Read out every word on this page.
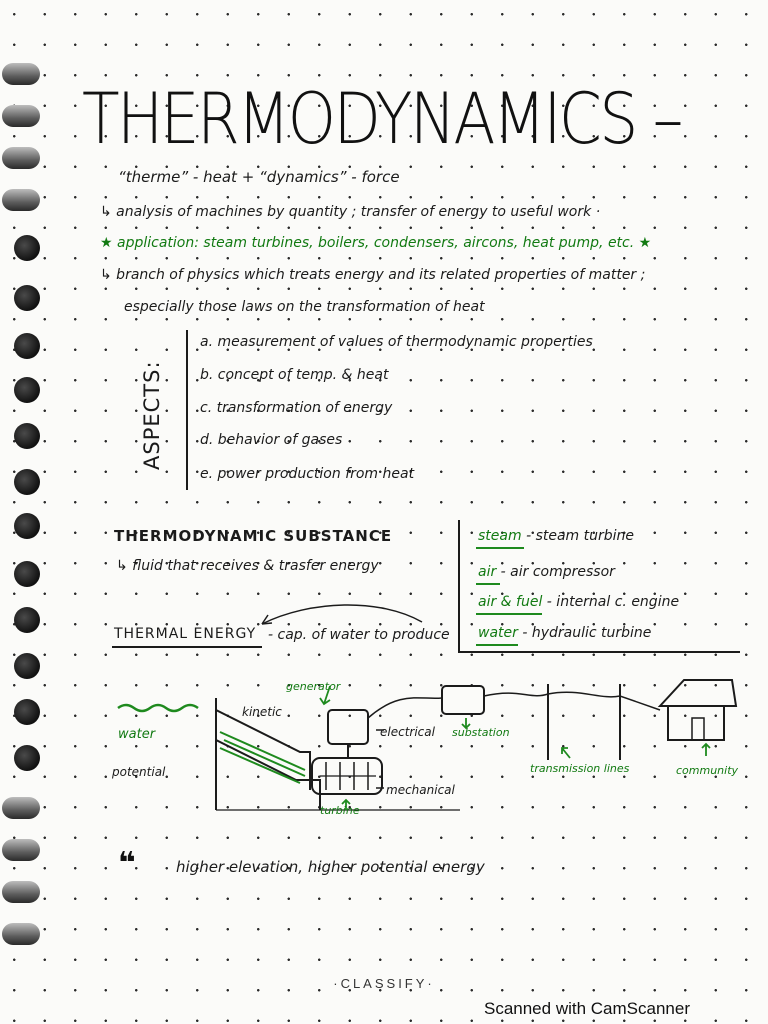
THERMODYNAMICS –
“therme” - heat + “dynamics” - force
↳ analysis of machines by quantity ; transfer of energy to useful work ·
★ application: steam turbines, boilers, condensers, aircons, heat pump, etc. ★
↳ branch of physics which treats energy and its related properties of matter ;
especially those laws on the transformation of heat
ASPECTS:
a. measurement of values of thermodynamic properties
b. concept of temp. & heat
c. transformation of energy
d. behavior of gases
e. power production from heat
THERMODYNAMIC SUBSTANCE
↳ fluid that receives & trasfer energy
steam - steam turbine
air - air compressor
air & fuel - internal c. engine
water - hydraulic turbine
THERMAL ENERGY - cap. of water to produce
generator
kinetic
water
potential
electrical substation
transmission lines	community
mechanical
turbine
❝	higher elevation, higher potential energy
·CLASSIFY·
Scanned with CamScanner
